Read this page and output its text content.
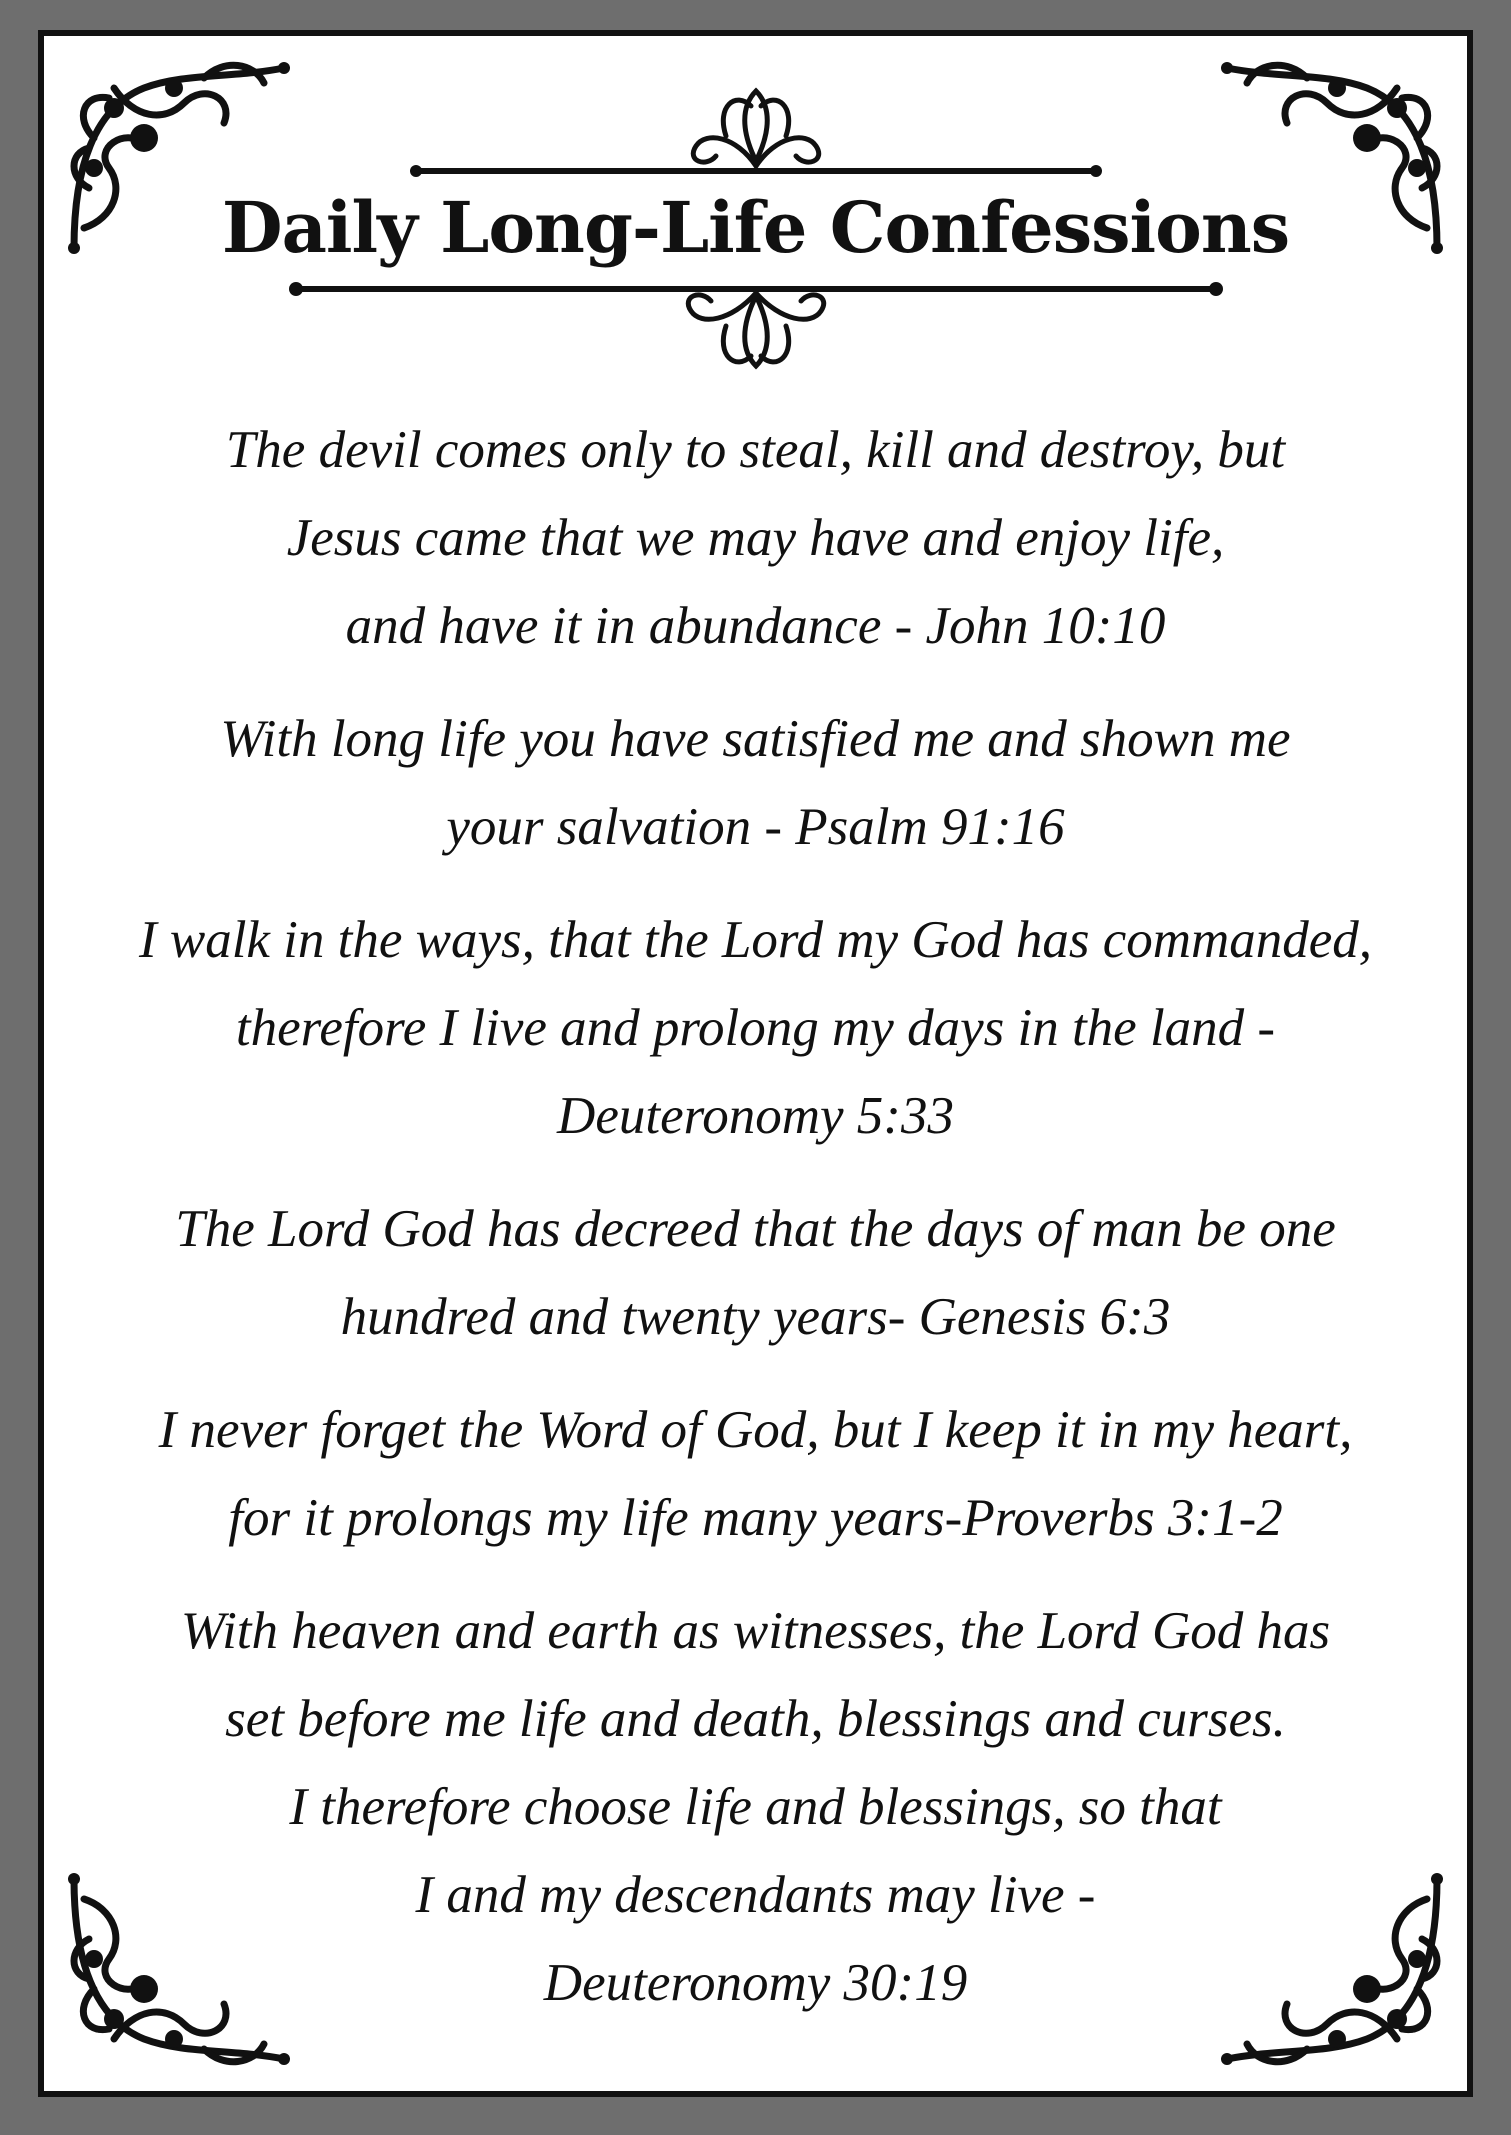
Daily Long-Life Confessions

The devil comes only to steal, kill and destroy, but
Jesus came that we may have and enjoy life,
and have it in abundance - John 10:10

With long life you have satisfied me and shown me
your salvation - Psalm 91:16

I walk in the ways, that the Lord my God has commanded,
therefore I live and prolong my days in the land -
Deuteronomy 5:33

The Lord God has decreed that the days of man be one
hundred and twenty years- Genesis 6:3

I never forget the Word of God, but I keep it in my heart,
for it prolongs my life many years-Proverbs 3:1-2

With heaven and earth as witnesses, the Lord God has
set before me life and death, blessings and curses.
I therefore choose life and blessings, so that
I and my descendants may live -
Deuteronomy 30:19
